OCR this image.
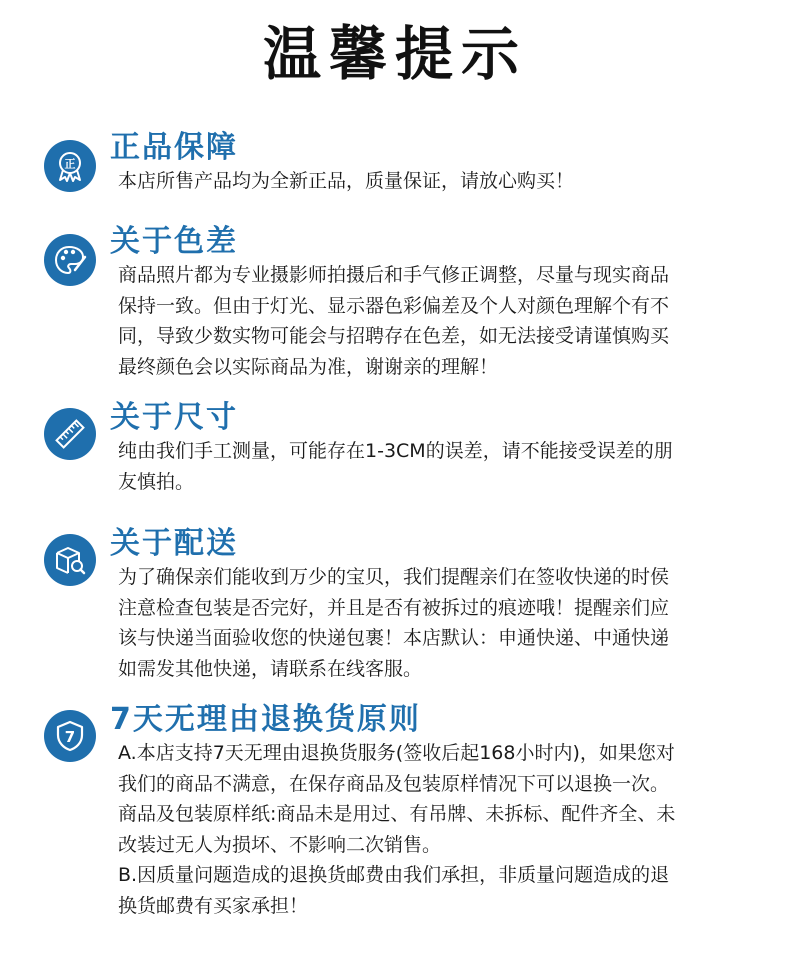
温馨提示
正 正品保障

本店所售产品均为全新正品，质量保证，请放心购买！

关于色差

商品照片都为专业摄影师拍摄后和手气修正调整，尽量与现实商品

保持一致。但由于灯光、显示器色彩偏差及个人对颜色理解个有不

同，导致少数实物可能会与招聘存在色差，如无法接受请谨慎购买

最终颜色会以实际商品为准，谢谢亲的理解！

关于尺寸

纯由我们手工测量，可能存在1-3CM的误差，请不能接受误差的朋

友慎拍。

关于配送

为了确保亲们能收到万少的宝贝，我们提醒亲们在签收快递的时侯

注意检查包装是否完好，并且是否有被拆过的痕迹哦！提醒亲们应

该与快递当面验收您的快递包裹！本店默认：申通快递、中通快递

如需发其他快递，请联系在线客服。

7 7天无理由退换货原则

A.本店支持7天无理由退换货服务(签收后起168小时内)，如果您对

我们的商品不满意，在保存商品及包装原样情况下可以退换一次。

商品及包装原样纸:商品未是用过、有吊牌、未拆标、配件齐全、未

改装过无人为损坏、不影响二次销售。

B.因质量问题造成的退换货邮费由我们承担，非质量问题造成的退

换货邮费有买家承担！
